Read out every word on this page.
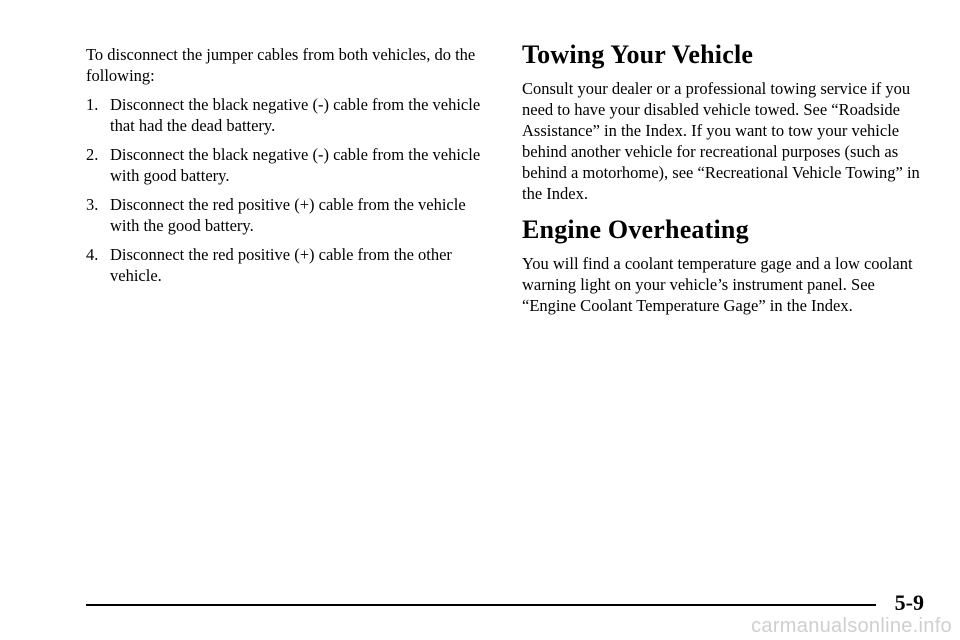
To disconnect the jumper cables from both vehicles, do the following:

1. Disconnect the black negative (-) cable from the vehicle that had the dead battery.
2. Disconnect the black negative (-) cable from the vehicle with good battery.
3. Disconnect the red positive (+) cable from the vehicle with the good battery.
4. Disconnect the red positive (+) cable from the other vehicle.
Towing Your Vehicle

Consult your dealer or a professional towing service if you need to have your disabled vehicle towed. See “Roadside Assistance” in the Index. If you want to tow your vehicle behind another vehicle for recreational purposes (such as behind a motorhome), see “Recreational Vehicle Towing” in the Index.

Engine Overheating

You will find a coolant temperature gage and a low coolant warning light on your vehicle’s instrument panel. See “Engine Coolant Temperature Gage” in the Index.

5-9
carmanualsonline.info
